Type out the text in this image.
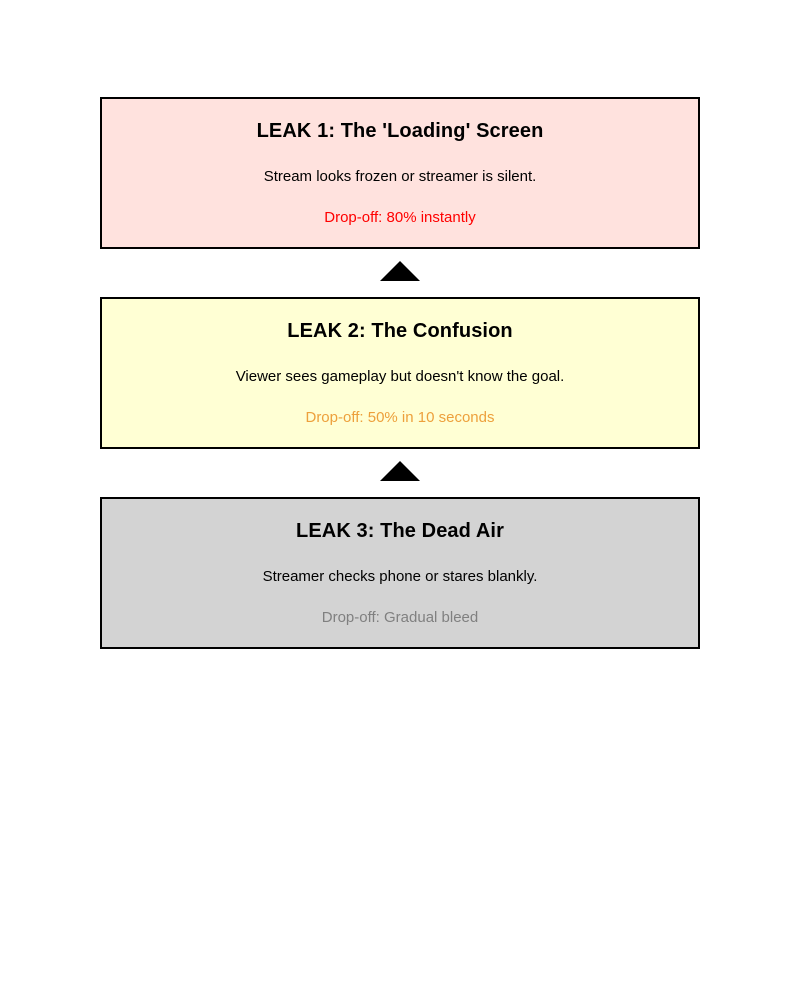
LEAK 1: The 'Loading' Screen
Stream looks frozen or streamer is silent.
Drop-off: 80% instantly
LEAK 2: The Confusion
Viewer sees gameplay but doesn't know the goal.
Drop-off: 50% in 10 seconds
LEAK 3: The Dead Air
Streamer checks phone or stares blankly.
Drop-off: Gradual bleed
